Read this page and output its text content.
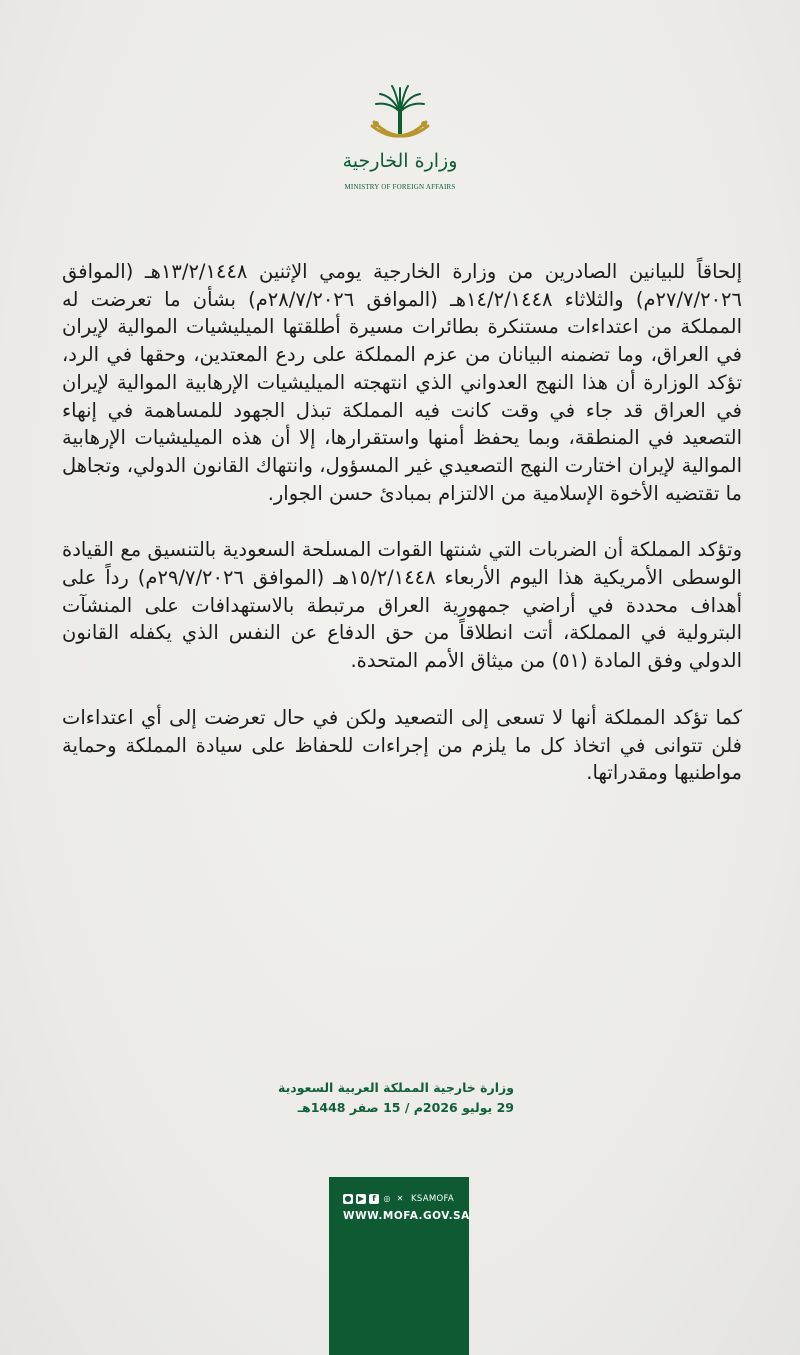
وزارة الخارجية
MINISTRY OF FOREIGN AFFAIRS

إلحاقاً للبيانين الصادرين من وزارة الخارجية يومي الإثنين ١٣/٢/١٤٤٨هـ (الموافق ٢٧/٧/٢٠٢٦م) والثلاثاء ١٤/٢/١٤٤٨هـ (الموافق ٢٨/٧/٢٠٢٦م) بشأن ما تعرضت له المملكة من اعتداءات مستنكرة بطائرات مسيرة أطلقتها الميليشيات الموالية لإيران في العراق، وما تضمنه البيانان من عزم المملكة على ردع المعتدين، وحقها في الرد، تؤكد الوزارة أن هذا النهج العدواني الذي انتهجته الميليشيات الإرهابية الموالية لإيران في العراق قد جاء في وقت كانت فيه المملكة تبذل الجهود للمساهمة في إنهاء التصعيد في المنطقة، وبما يحفظ أمنها واستقرارها، إلا أن هذه الميليشيات الإرهابية الموالية لإيران اختارت النهج التصعيدي غير المسؤول، وانتهاك القانون الدولي، وتجاهل ما تقتضيه الأخوة الإسلامية من الالتزام بمبادئ حسن الجوار.

وتؤكد المملكة أن الضربات التي شنتها القوات المسلحة السعودية بالتنسيق مع القيادة الوسطى الأمريكية هذا اليوم الأربعاء ١٥/٢/١٤٤٨هـ (الموافق ٢٩/٧/٢٠٢٦م) رداً على أهداف محددة في أراضي جمهورية العراق مرتبطة بالاستهدافات على المنشآت البترولية في المملكة، أتت انطلاقاً من حق الدفاع عن النفس الذي يكفله القانون الدولي وفق المادة (٥١) من ميثاق الأمم المتحدة.

كما تؤكد المملكة أنها لا تسعى إلى التصعيد ولكن في حال تعرضت إلى أي اعتداءات فلن تتوانى في اتخاذ كل ما يلزم من إجراءات للحفاظ على سيادة المملكة وحماية مواطنيها ومقدراتها.

وزارة خارجية المملكة العربية السعودية
29 يوليو 2026م / 15 صفر 1448هـ
● ▶	f ◎ ✕ KSAMOFA
WWW.MOFA.GOV.SA
